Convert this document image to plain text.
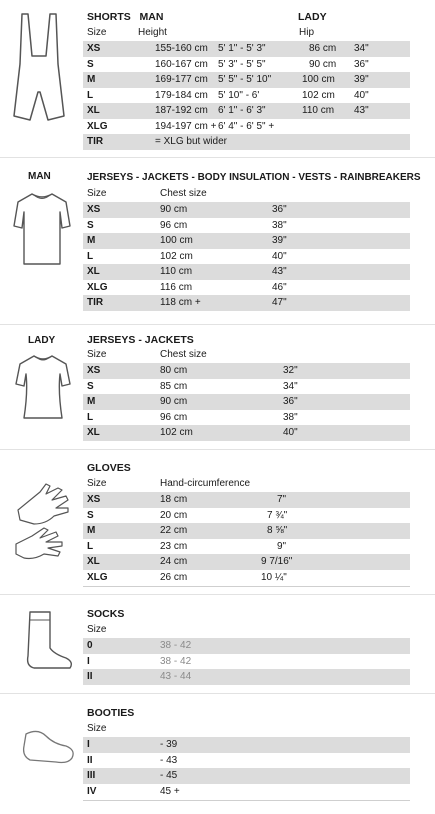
SHORTS MAN	LADY
Size	Height	Hip
XS	155-160 cm 5' 1" - 5' 3"	86 cm 34"
S	160-167 cm 5' 3" - 5' 5"	90 cm 36"
M	169-177 cm 5' 5" - 5' 10"	100 cm 39"
L	179-184 cm 5' 10" - 6'	102 cm 40"
XL	187-192 cm 6' 1" - 6' 3"	110 cm 43"
XLG	194-197 cm + 6' 4" - 6' 5" +
TIR	= XLG but wider
MAN	JERSEYS - JACKETS - BODY INSULATION - VESTS - RAINBREAKERS
Size	Chest size
XS	90 cm	36"
S	96 cm	38"
M	100 cm	39"
L	102 cm	40"
XL	110 cm	43"
XLG	116 cm	46"
TIR	118 cm +	47"
LADY	JERSEYS - JACKETS
Size	Chest size
XS	80 cm	32"
S	85 cm	34"
M	90 cm	36"
L	96 cm	38"
XL	102 cm	40"
GLOVES
Size	Hand-circumference
XS	18 cm	7"
S	20 cm	7 ¾"
M	22 cm	8 ⅝"
L	23 cm	9"
XL	24 cm	9 7/16"
XLG	26 cm	10 ¼"
SOCKS
Size
0	38 - 42
I	38 - 42
II	43 - 44
BOOTIES
Size
I	- 39
II	- 43
III	- 45
IV	45 +
